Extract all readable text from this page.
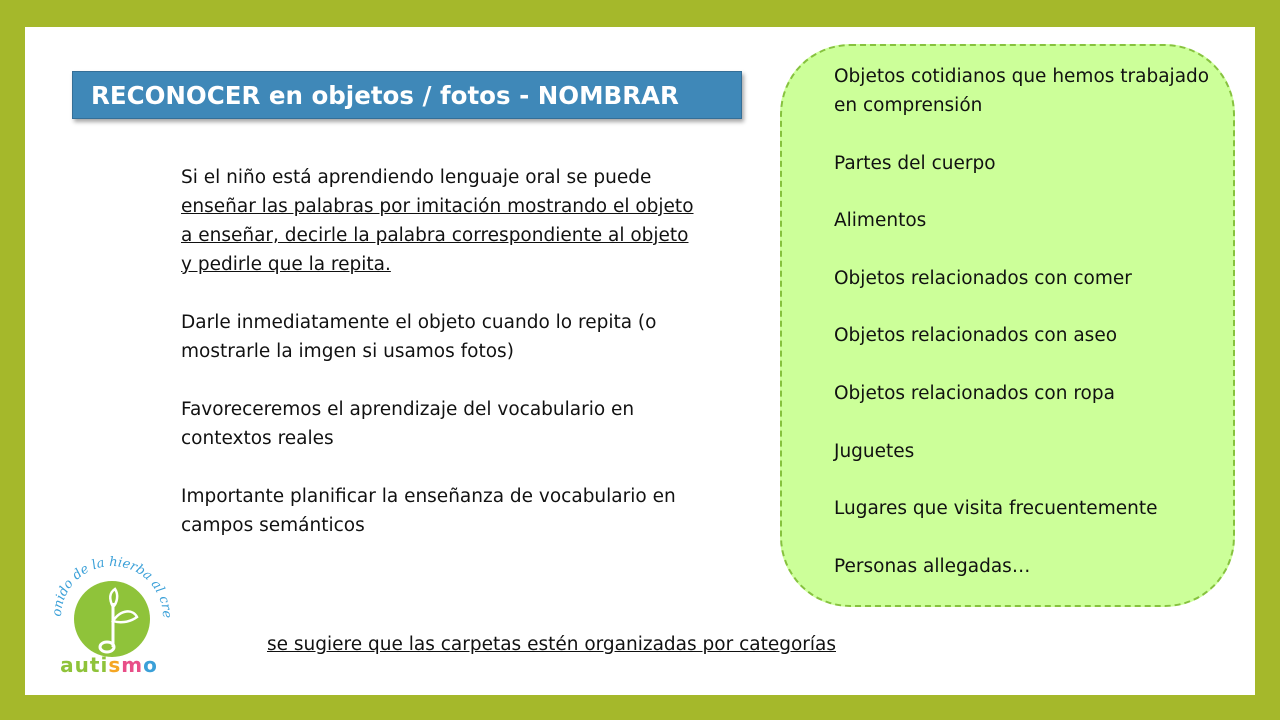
RECONOCER en objetos / fotos - NOMBRAR

Si el niño está aprendiendo lenguaje oral se puede enseñar las palabras por imitación mostrando el objeto a enseñar, decirle la palabra correspondiente al objeto y pedirle que la repita.

Darle inmediatamente el objeto cuando lo repita (o mostrarle la imgen si usamos fotos)

Favoreceremos el aprendizaje del vocabulario en contextos reales

Importante planificar la enseñanza de vocabulario en campos semánticos

Objetos cotidianos que hemos trabajado en comprensión
Partes del cuerpo
Alimentos
Objetos relacionados con comer
Objetos relacionados con aseo
Objetos relacionados con ropa
Juguetes
Lugares que visita frecuentemente
Personas allegadas…
se sugiere que las carpetas estén organizadas por categorías
onido de la hierba al cre
autismo
